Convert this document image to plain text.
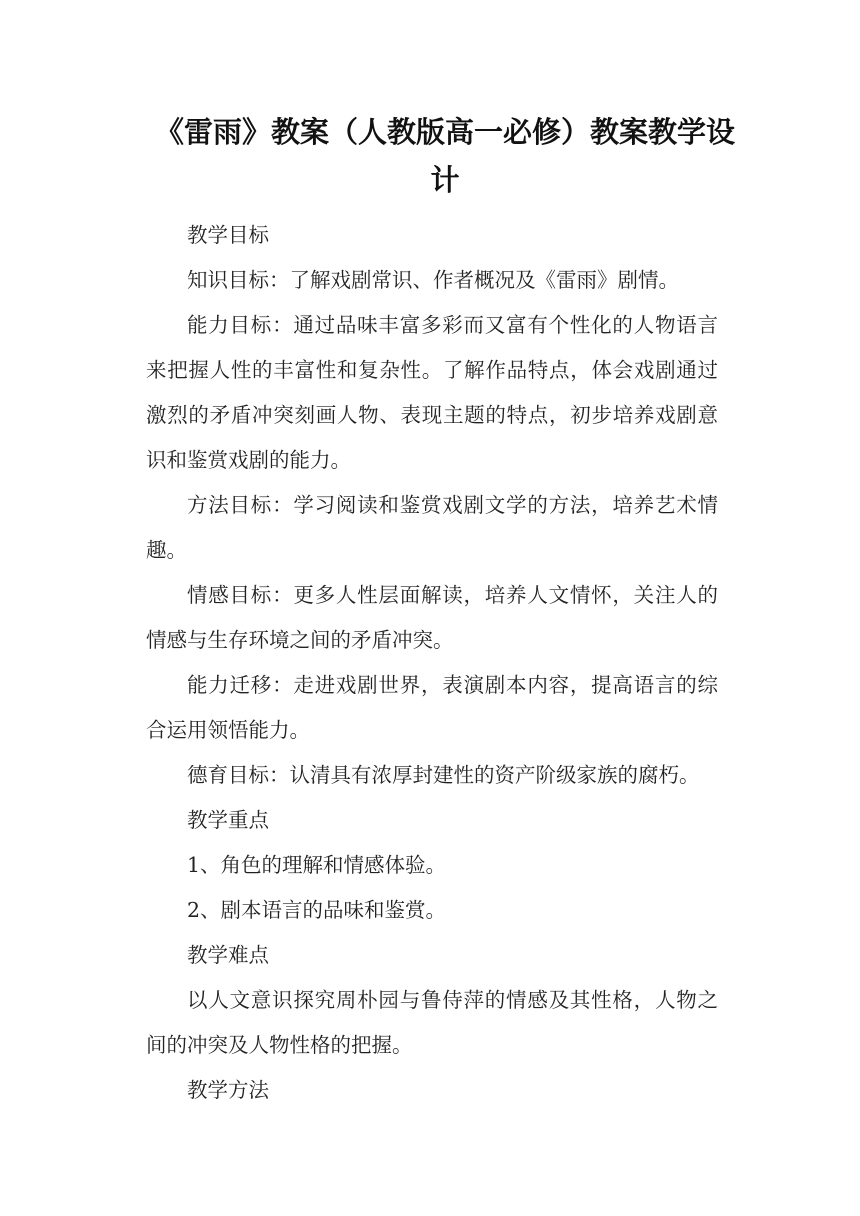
《雷雨》教案（人教版高一必修）教案教学设计

教学目标

知识目标：了解戏剧常识、作者概况及《雷雨》剧情。

能力目标：通过品味丰富多彩而又富有个性化的人物语言来把握人性的丰富性和复杂性。了解作品特点，体会戏剧通过激烈的矛盾冲突刻画人物、表现主题的特点，初步培养戏剧意识和鉴赏戏剧的能力。

方法目标：学习阅读和鉴赏戏剧文学的方法，培养艺术情趣。

情感目标：更多人性层面解读，培养人文情怀，关注人的情感与生存环境之间的矛盾冲突。

能力迁移：走进戏剧世界，表演剧本内容，提高语言的综合运用领悟能力。

德育目标：认清具有浓厚封建性的资产阶级家族的腐朽。

教学重点

1、角色的理解和情感体验。

2、剧本语言的品味和鉴赏。

教学难点

以人文意识探究周朴园与鲁侍萍的情感及其性格，人物之间的冲突及人物性格的把握。

教学方法
